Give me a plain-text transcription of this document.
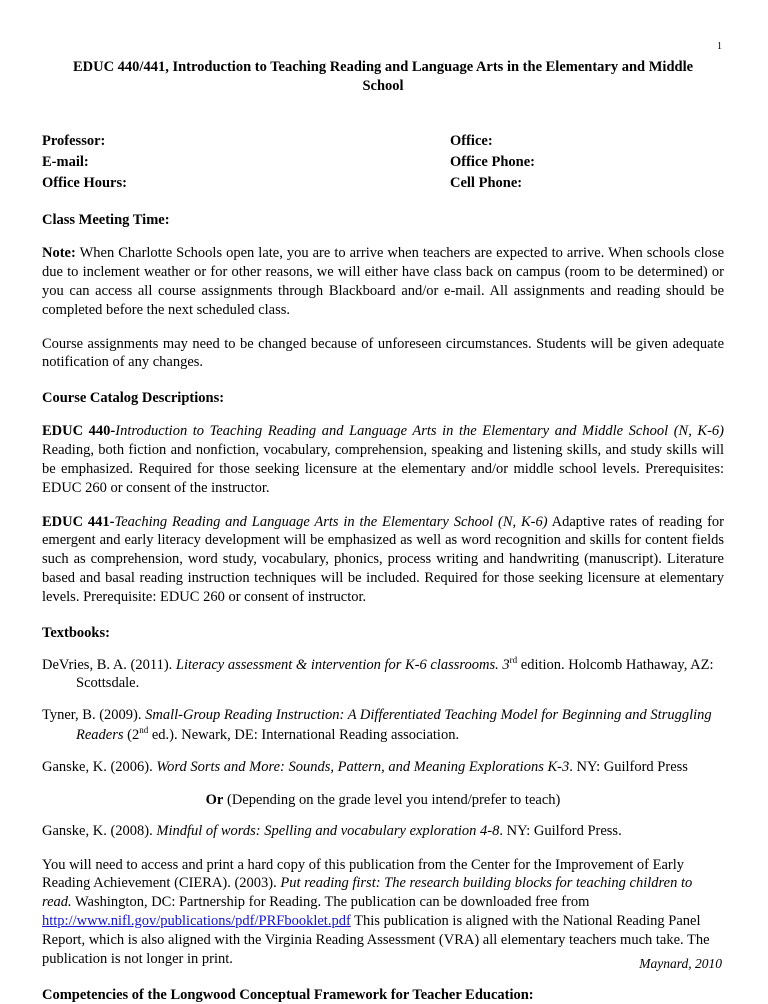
1
EDUC 440/441, Introduction to Teaching Reading and Language Arts in the Elementary and Middle School
Professor:
E-mail:
Office Hours:
Office:
Office Phone:
Cell Phone:
Class Meeting Time:

Note: When Charlotte Schools open late, you are to arrive when teachers are expected to arrive. When schools close due to inclement weather or for other reasons, we will either have class back on campus (room to be determined) or you can access all course assignments through Blackboard and/or e-mail. All assignments and reading should be completed before the next scheduled class.

Course assignments may need to be changed because of unforeseen circumstances. Students will be given adequate notification of any changes.

Course Catalog Descriptions:

EDUC 440-Introduction to Teaching Reading and Language Arts in the Elementary and Middle School (N, K-6) Reading, both fiction and nonfiction, vocabulary, comprehension, speaking and listening skills, and study skills will be emphasized. Required for those seeking licensure at the elementary and/or middle school levels. Prerequisites: EDUC 260 or consent of the instructor.

EDUC 441-Teaching Reading and Language Arts in the Elementary School (N, K-6) Adaptive rates of reading for emergent and early literacy development will be emphasized as well as word recognition and skills for content fields such as comprehension, word study, vocabulary, phonics, process writing and handwriting (manuscript). Literature based and basal reading instruction techniques will be included. Required for those seeking licensure at elementary levels. Prerequisite: EDUC 260 or consent of instructor.

Textbooks:

DeVries, B. A. (2011). Literacy assessment & intervention for K-6 classrooms. 3rd edition. Holcomb Hathaway, AZ: Scottsdale.

Tyner, B. (2009). Small-Group Reading Instruction: A Differentiated Teaching Model for Beginning and Struggling Readers (2nd ed.). Newark, DE: International Reading association.

Ganske, K. (2006). Word Sorts and More: Sounds, Pattern, and Meaning Explorations K-3. NY: Guilford Press

Or (Depending on the grade level you intend/prefer to teach)

Ganske, K. (2008). Mindful of words: Spelling and vocabulary exploration 4-8. NY: Guilford Press.

You will need to access and print a hard copy of this publication from the Center for the Improvement of Early Reading Achievement (CIERA). (2003). Put reading first: The research building blocks for teaching children to read. Washington, DC: Partnership for Reading. The publication can be downloaded free from http://www.nifl.gov/publications/pdf/PRFbooklet.pdf This publication is aligned with the National Reading Panel Report, which is also aligned with the Virginia Reading Assessment (VRA) all elementary teachers much take. The publication is not longer in print.

Competencies of the Longwood Conceptual Framework for Teacher Education:
Maynard, 2010
